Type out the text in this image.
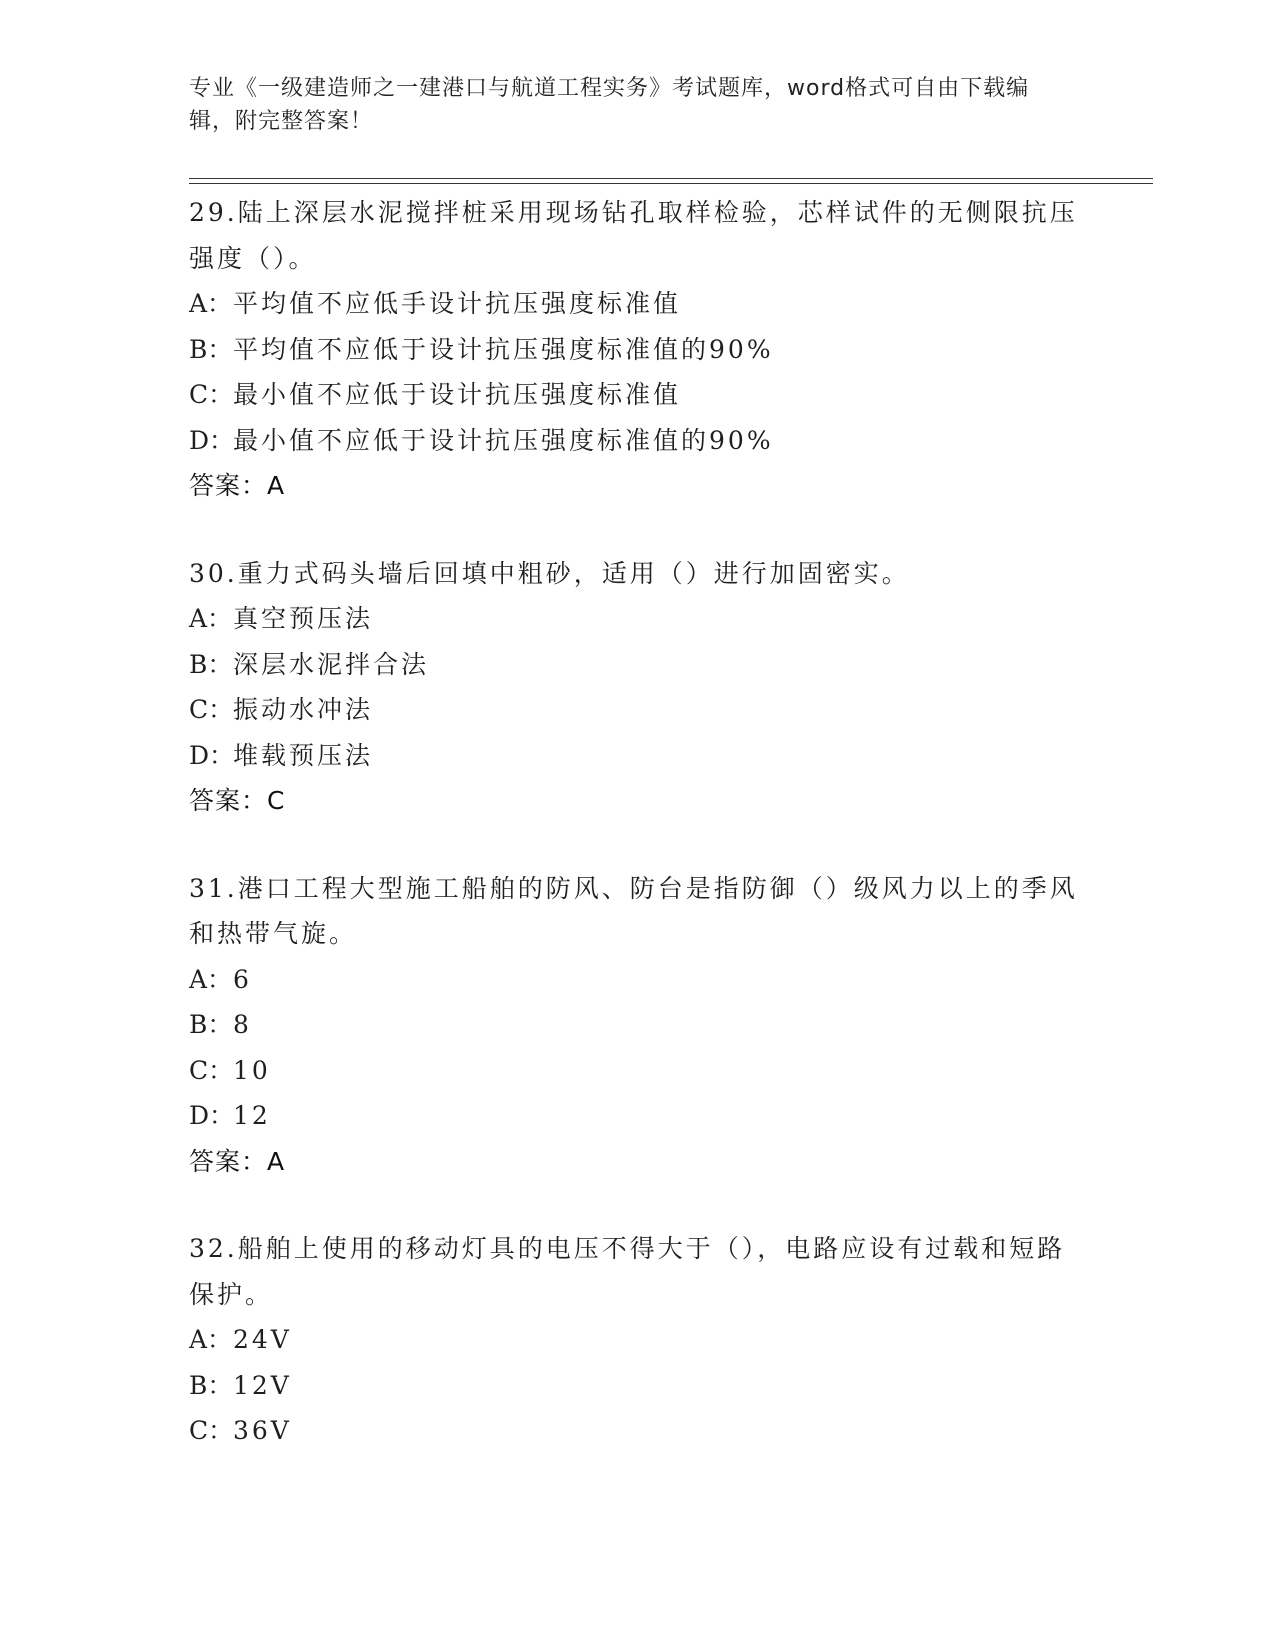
专业《一级建造师之一建港口与航道工程实务》考试题库，word格式可自由下载编辑，附完整答案！
29.陆上深层水泥搅拌桩采用现场钻孔取样检验，芯样试件的无侧限抗压强度（）。
A：平均值不应低手设计抗压强度标准值
B：平均值不应低于设计抗压强度标准值的90%
C：最小值不应低于设计抗压强度标准值
D：最小值不应低于设计抗压强度标准值的90%
答案：A
30.重力式码头墙后回填中粗砂，适用（）进行加固密实。
A：真空预压法
B：深层水泥拌合法
C：振动水冲法
D：堆载预压法
答案：C
31.港口工程大型施工船舶的防风、防台是指防御（）级风力以上的季风和热带气旋。
A：6
B：8
C：10
D：12
答案：A
32.船舶上使用的移动灯具的电压不得大于（），电路应设有过载和短路保护。
A：24V
B：12V
C：36V
